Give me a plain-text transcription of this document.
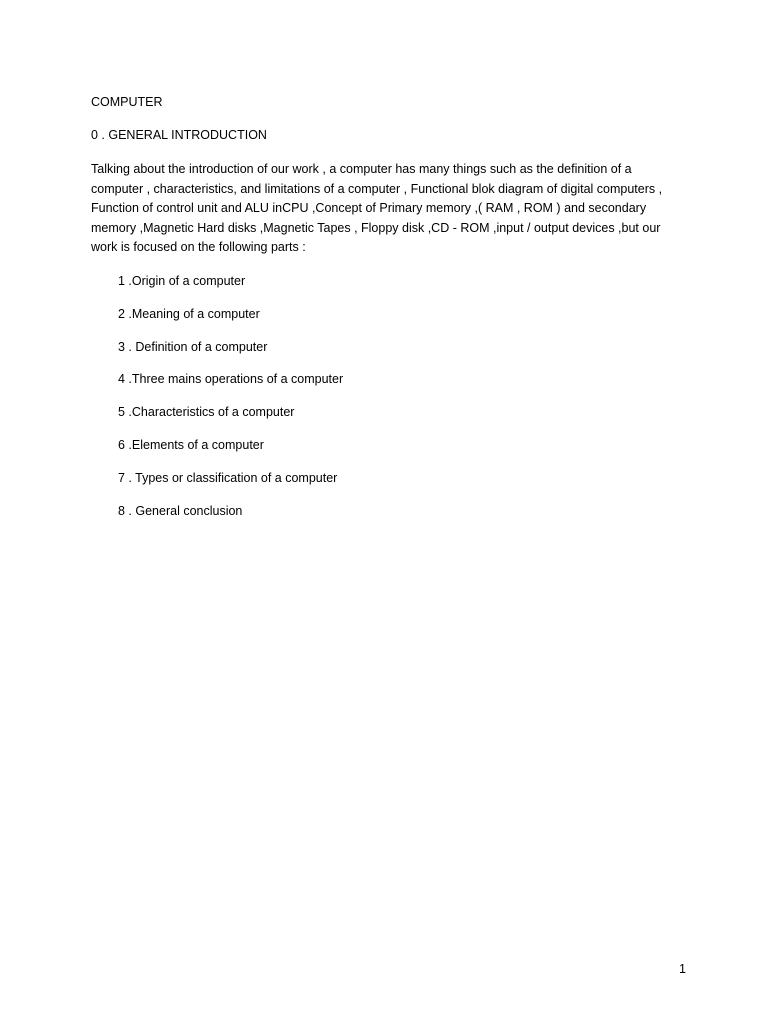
COMPUTER

0 . GENERAL INTRODUCTION

Talking about the introduction of our work , a computer has many things such as the definition of a
computer , characteristics, and limitations of a computer , Functional blok diagram of digital computers ,
Function of control unit and ALU inCPU ,Concept of Primary memory ,( RAM , ROM ) and secondary
memory ,Magnetic Hard disks ,Magnetic Tapes , Floppy disk ,CD - ROM ,input / output devices ,but our
work is focused on the following parts :

1 .Origin of a computer
2 .Meaning of a computer
3 . Definition of a computer
4 .Three mains operations of a computer
5 .Characteristics of a computer
6 .Elements of a computer
7 . Types or classification of a computer
8 . General conclusion
1
